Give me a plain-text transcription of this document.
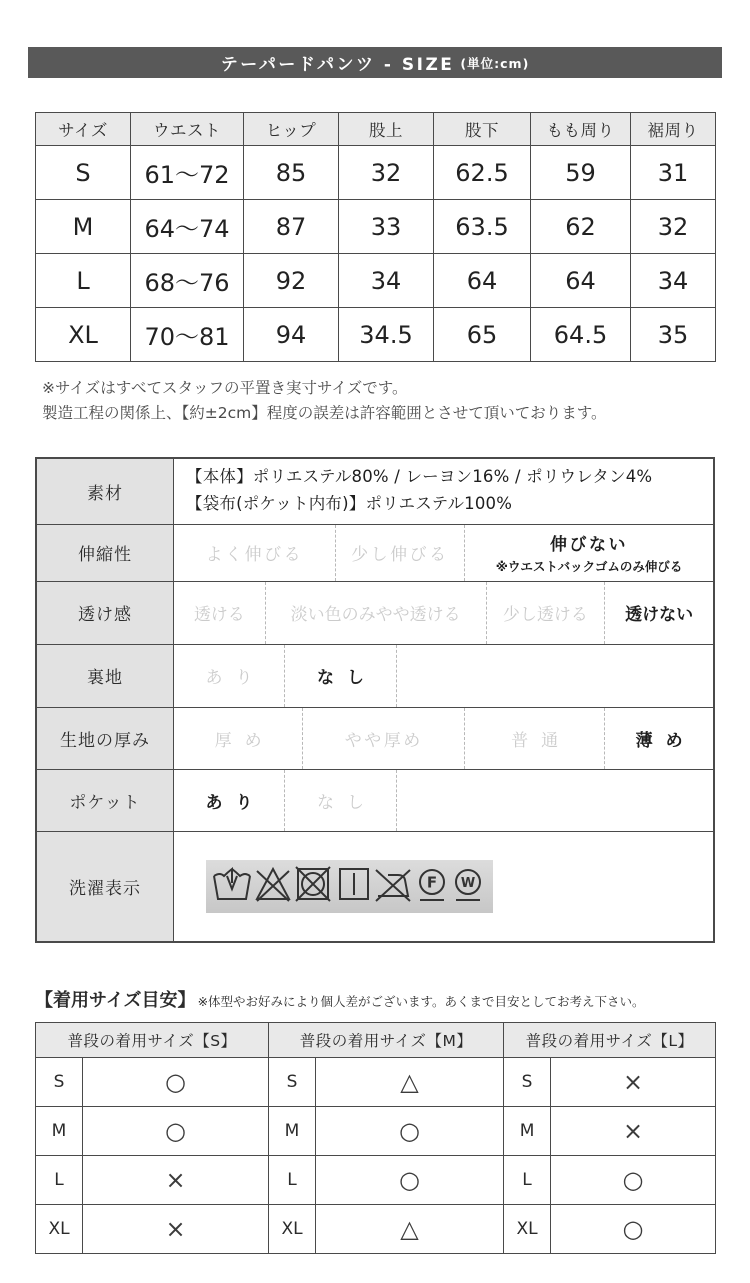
テーパードパンツ - SIZE (単位:cm)
サイズ	ウエスト	ヒップ	股上	股下	もも周り	裾周り
S	61〜72	85	32	62.5	59	31
M	64〜74	87	33	63.5	62	32
L	68〜76	92	34	64	64	34
XL	70〜81	94	34.5	65	64.5	35
※サイズはすべてスタッフの平置き実寸サイズです。
製造工程の関係上、【約±2cm】程度の誤差は許容範囲とさせて頂いております。
素材
【本体】ポリエステル80% / レーヨン16% / ポリウレタン4%
【袋布(ポケット内布)】ポリエステル100%
伸縮性	よく伸びる	少し伸びる	伸びない
※ウエストバックゴムのみ伸びる
透け感	透ける	淡い色のみやや透ける	少し透ける	透けない
裏地	あり	なし
生地の厚み	厚め	やや厚め	普通	薄め
ポケット	あり	なし
洗濯表示	F W
【着用サイズ目安】 ※体型やお好みにより個人差がございます。あくまで目安としてお考え下さい。
普段の着用サイズ【S】		普段の着用サイズ【M】		普段の着用サイズ【L】	
S	○	S	△	S	×
M	○	M	○	M	×
L	×	L	○	L	○
XL	×	XL	△	XL	○
